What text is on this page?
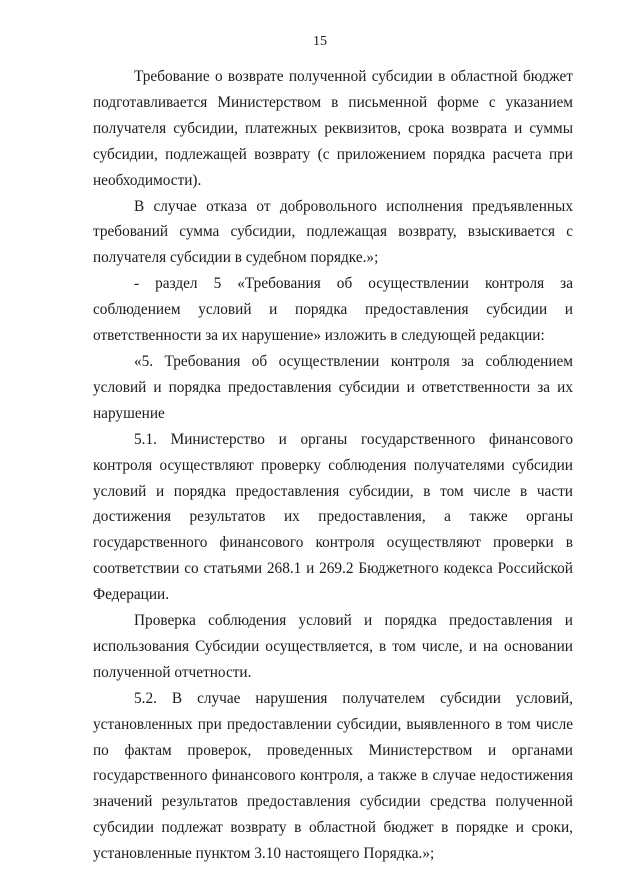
15

Требование о возврате полученной субсидии в областной бюджет подготавливается Министерством в письменной форме с указанием получателя субсидии, платежных реквизитов, срока возврата и суммы субсидии, подлежащей возврату (с приложением порядка расчета при необходимости).

В случае отказа от добровольного исполнения предъявленных требований сумма субсидии, подлежащая возврату, взыскивается с получателя субсидии в судебном порядке.»;

- раздел 5 «Требования об осуществлении контроля за соблюдением условий и порядка предоставления субсидии и ответственности за их нарушение» изложить в следующей редакции:

«5. Требования об осуществлении контроля за соблюдением условий и порядка предоставления субсидии и ответственности за их нарушение

5.1. Министерство и органы государственного финансового контроля осуществляют проверку соблюдения получателями субсидии условий и порядка предоставления субсидии, в том числе в части достижения результатов их предоставления, а также органы государственного финансового контроля осуществляют проверки в соответствии со статьями 268.1 и 269.2 Бюджетного кодекса Российской Федерации.

Проверка соблюдения условий и порядка предоставления и использования Субсидии осуществляется, в том числе, и на основании полученной отчетности.

5.2. В случае нарушения получателем субсидии условий, установленных при предоставлении субсидии, выявленного в том числе по фактам проверок, проведенных Министерством и органами государственного финансового контроля, а также в случае недостижения значений результатов предоставления субсидии средства полученной субсидии подлежат возврату в областной бюджет в порядке и сроки, установленные пунктом 3.10 настоящего Порядка.»;
